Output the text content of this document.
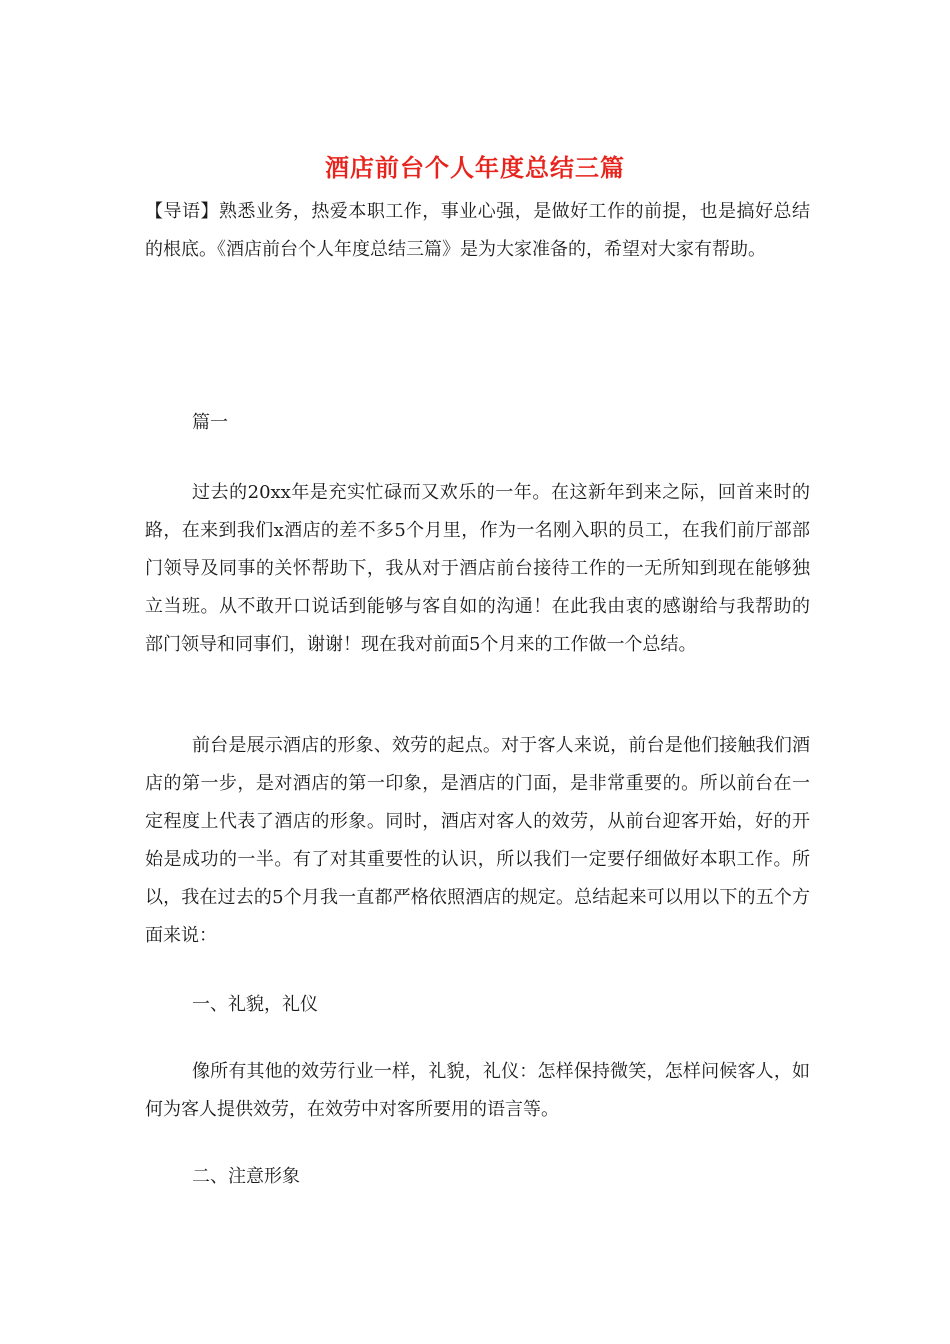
酒店前台个人年度总结三篇

【导语】熟悉业务，热爱本职工作，事业心强，是做好工作的前提，也是搞好总结的根底。《酒店前台个人年度总结三篇》是为大家准备的，希望对大家有帮助。

篇一

过去的20xx年是充实忙碌而又欢乐的一年。在这新年到来之际，回首来时的路，在来到我们x酒店的差不多5个月里，作为一名刚入职的员工，在我们前厅部部门领导及同事的关怀帮助下，我从对于酒店前台接待工作的一无所知到现在能够独立当班。从不敢开口说话到能够与客自如的沟通！在此我由衷的感谢给与我帮助的部门领导和同事们，谢谢！现在我对前面5个月来的工作做一个总结。

前台是展示酒店的形象、效劳的起点。对于客人来说，前台是他们接触我们酒店的第一步，是对酒店的第一印象，是酒店的门面，是非常重要的。所以前台在一定程度上代表了酒店的形象。同时，酒店对客人的效劳，从前台迎客开始，好的开始是成功的一半。有了对其重要性的认识，所以我们一定要仔细做好本职工作。所以，我在过去的5个月我一直都严格依照酒店的规定。总结起来可以用以下的五个方面来说：

一、礼貌，礼仪

像所有其他的效劳行业一样，礼貌，礼仪：怎样保持微笑，怎样问候客人，如何为客人提供效劳，在效劳中对客所要用的语言等。

二、注意形象
